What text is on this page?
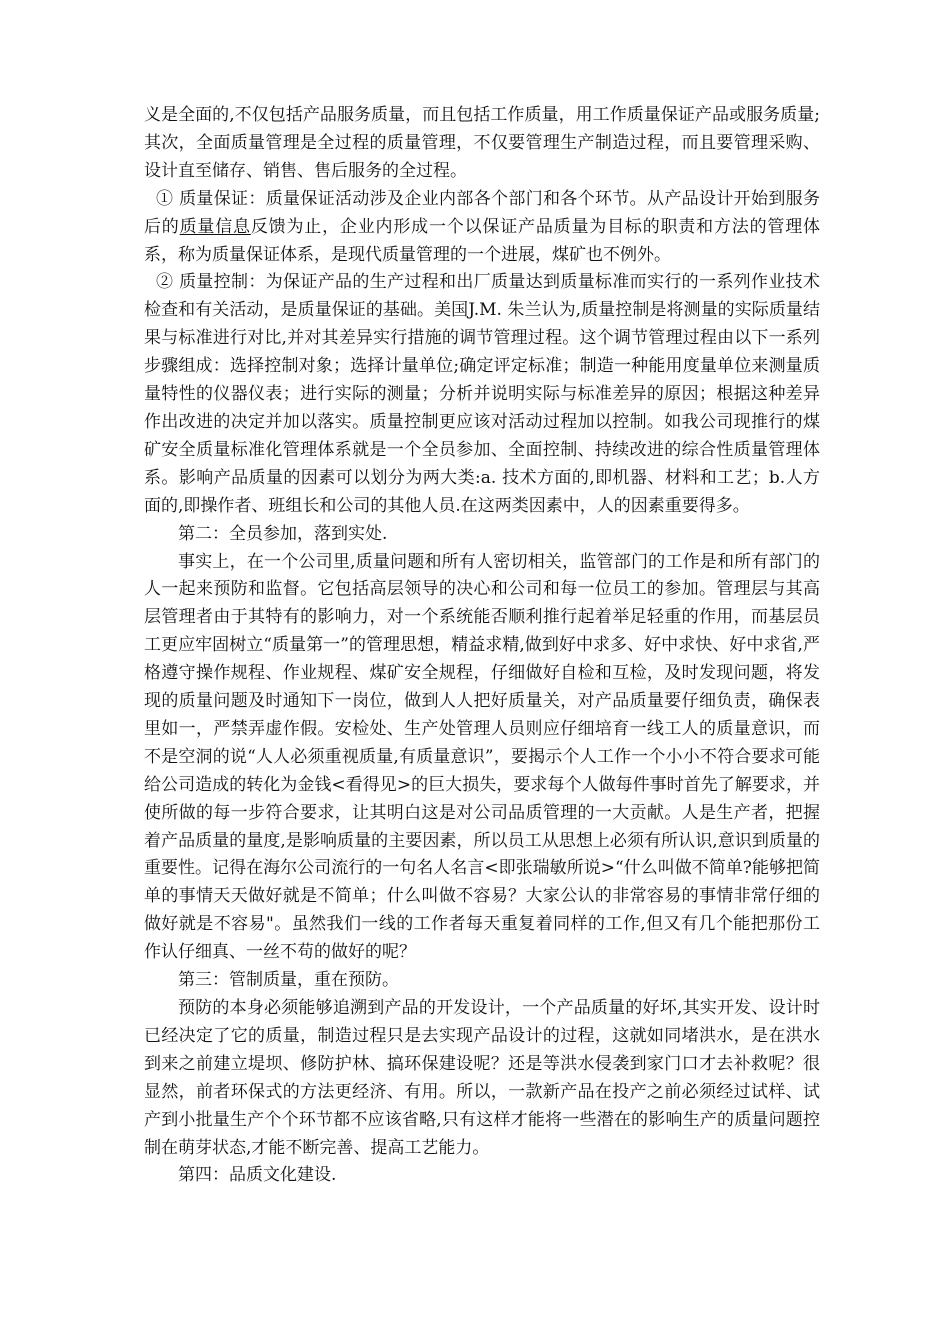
义是全面的,不仅包括产品服务质量，而且包括工作质量，用工作质量保证产品或服务质量;其次，全面质量管理是全过程的质量管理，不仅要管理生产制造过程，而且要管理采购、设计直至储存、销售、售后服务的全过程。

① 质量保证：质量保证活动涉及企业内部各个部门和各个环节。从产品设计开始到服务后的质量信息反馈为止，企业内形成一个以保证产品质量为目标的职责和方法的管理体系，称为质量保证体系，是现代质量管理的一个进展，煤矿也不例外。

② 质量控制：为保证产品的生产过程和出厂质量达到质量标准而实行的一系列作业技术检查和有关活动，是质量保证的基础。美国J.M. 朱兰认为,质量控制是将测量的实际质量结果与标准进行对比,并对其差异实行措施的调节管理过程。这个调节管理过程由以下一系列步骤组成：选择控制对象；选择计量单位;确定评定标准；制造一种能用度量单位来测量质量特性的仪器仪表；进行实际的测量；分析并说明实际与标准差异的原因；根据这种差异作出改进的决定并加以落实。质量控制更应该对活动过程加以控制。如我公司现推行的煤矿安全质量标准化管理体系就是一个全员参加、全面控制、持续改进的综合性质量管理体系。影响产品质量的因素可以划分为两大类:a. 技术方面的,即机器、材料和工艺；b.人方面的,即操作者、班组长和公司的其他人员.在这两类因素中，人的因素重要得多。

第二：全员参加，落到实处.

事实上，在一个公司里,质量问题和所有人密切相关，监管部门的工作是和所有部门的人一起来预防和监督。它包括高层领导的决心和公司和每一位员工的参加。管理层与其高层管理者由于其特有的影响力，对一个系统能否顺利推行起着举足轻重的作用，而基层员工更应牢固树立“质量第一”的管理思想，精益求精,做到好中求多、好中求快、好中求省,严格遵守操作规程、作业规程、煤矿安全规程，仔细做好自检和互检，及时发现问题，将发现的质量问题及时通知下一岗位，做到人人把好质量关，对产品质量要仔细负责，确保表里如一，严禁弄虚作假。安检处、生产处管理人员则应仔细培育一线工人的质量意识，而不是空洞的说“人人必须重视质量,有质量意识”，要揭示个人工作一个小小不符合要求可能给公司造成的转化为金钱<看得见>的巨大损失，要求每个人做每件事时首先了解要求，并使所做的每一步符合要求，让其明白这是对公司品质管理的一大贡献。人是生产者，把握着产品质量的量度,是影响质量的主要因素，所以员工从思想上必须有所认识,意识到质量的重要性。记得在海尔公司流行的一句名人名言<即张瑞敏所说>“什么叫做不简单?能够把简单的事情天天做好就是不简单；什么叫做不容易？大家公认的非常容易的事情非常仔细的做好就是不容易"。虽然我们一线的工作者每天重复着同样的工作,但又有几个能把那份工作认仔细真、一丝不苟的做好的呢？

第三：管制质量，重在预防。

预防的本身必须能够追溯到产品的开发设计，一个产品质量的好坏,其实开发、设计时已经决定了它的质量，制造过程只是去实现产品设计的过程，这就如同堵洪水，是在洪水到来之前建立堤坝、修防护林、搞环保建设呢？还是等洪水侵袭到家门口才去补救呢？很显然，前者环保式的方法更经济、有用。所以，一款新产品在投产之前必须经过试样、试产到小批量生产个个环节都不应该省略,只有这样才能将一些潜在的影响生产的质量问题控制在萌芽状态,才能不断完善、提高工艺能力。

第四：品质文化建设.
